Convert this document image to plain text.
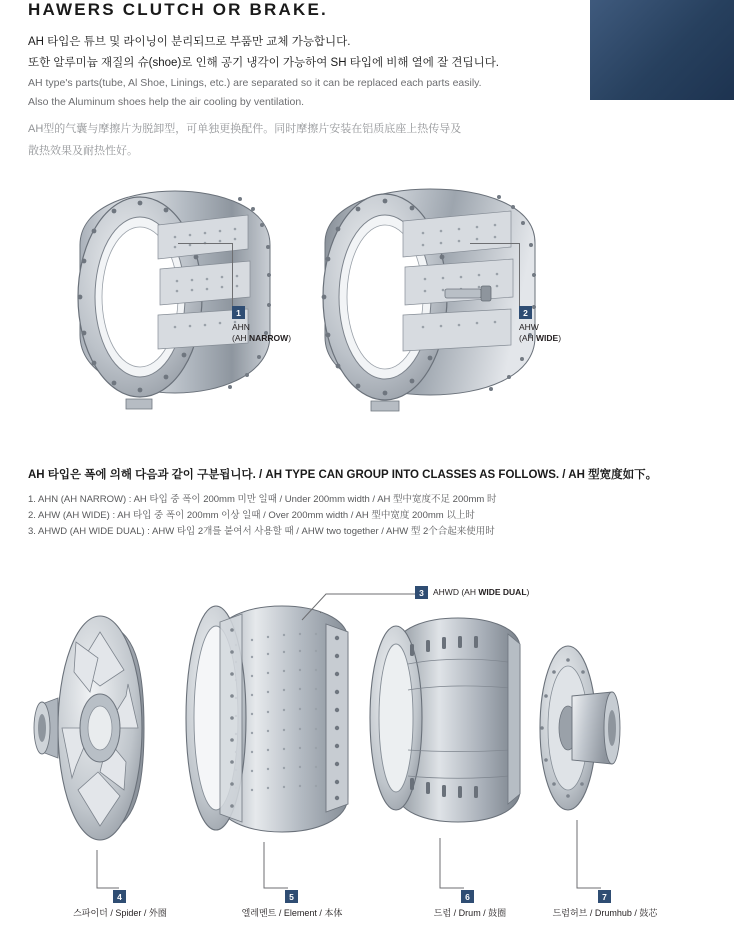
HAWERS CLUTCH OR BRAKE.
AH 타입은 튜브 및 라이닝이 분리되므로 부품만 교체 가능합니다.
또한 알루미늄 재질의 슈(shoe)로 인해 공기 냉각이 가능하여 SH 타입에 비해 열에 잘 견딥니다.
AH type's parts(tube, Al Shoe, Linings, etc.) are separated so it can be replaced each parts easily.
Also the Aluminum shoes help the air cooling by ventilation.
AH型的气囊与摩擦片为脱卸型，可单独更换配件。同时摩擦片安装在铝质底座上热传导及
散热效果及耐热性好。
1
AHN
(AH NARROW)
2
AHW
(AH WIDE)
AH 타입은 폭에 의해 다음과 같이 구분됩니다. / AH TYPE CAN GROUP INTO CLASSES AS FOLLOWS. / AH 型宽度如下。
1. AHN (AH NARROW) : AH 타입 중 폭이 200mm 미만 일때 / Under 200mm width / AH 型中宽度不足 200mm 时
2. AHW (AH WIDE) : AH 타입 중 폭이 200mm 이상 일때 / Over 200mm width / AH 型中宽度 200mm 以上时
3. AHWD (AH WIDE DUAL) : AHW 타입 2개를 붙여서 사용할 때 / AHW two together / AHW 型 2个合起来使用时
3	AHWD (AH WIDE DUAL)
4
스파이더 / Spider / 外圈
5
엘레멘트 / Element / 本体
6
드럼 / Drum / 鼓圈
7
드럼허브 / Drumhub / 鼓芯
